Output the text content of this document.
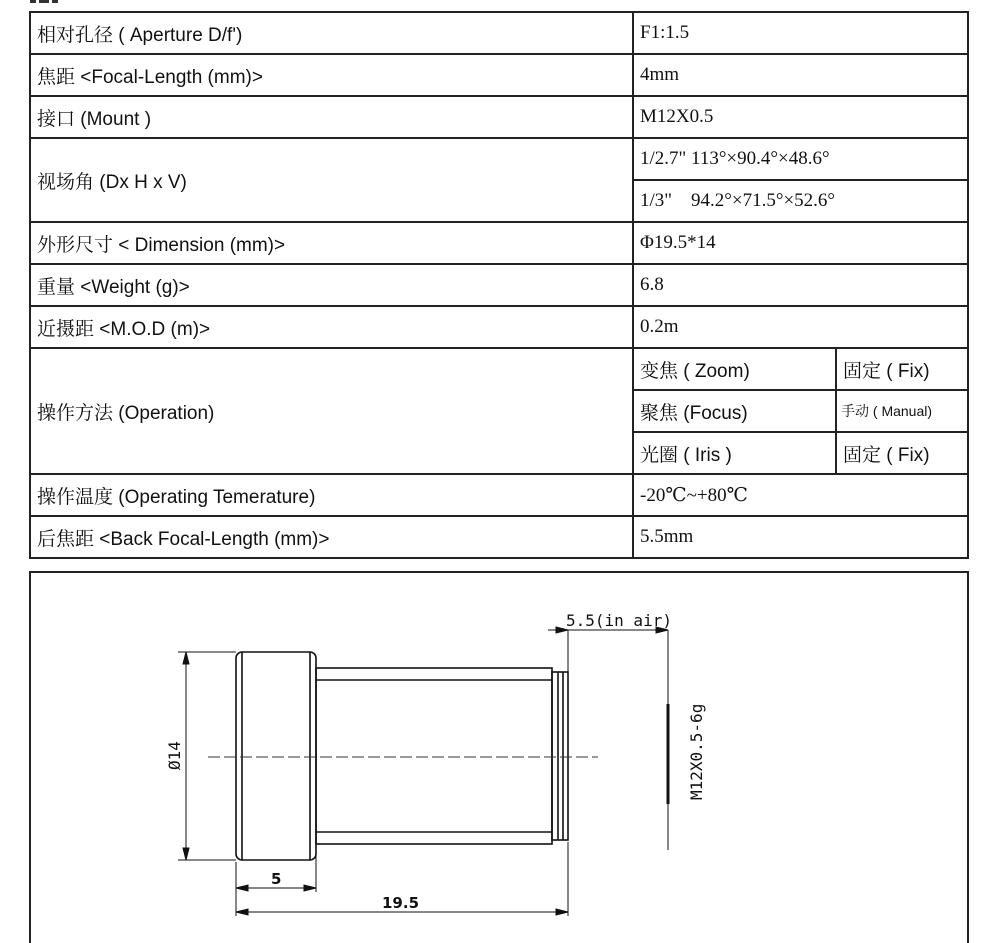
相对孔径 ( Aperture D/f')	F1:1.5	
焦距 <Focal-Length (mm)>	4mm	
接口 (Mount )	M12X0.5	
视场角 (Dx H x V)	1/2.7" 113°×90.4°×48.6°	
	1/3"    94.2°×71.5°×52.6°	
外形尺寸 < Dimension (mm)>	Φ19.5*14	
重量 <Weight (g)>	6.8	
近摄距 <M.O.D (m)>	0.2m	
操作方法 (Operation)	变焦 ( Zoom)	固定 ( Fix)
	聚焦 (Focus)	手动 ( Manual)
	光圈 ( Iris )	固定 ( Fix)
操作温度 (Operating Temerature)	-20℃~+80℃	
后焦距 <Back Focal-Length (mm)>	5.5mm	
Ø14
5.5(in air)
M12X0.5-6g
5
19.5
